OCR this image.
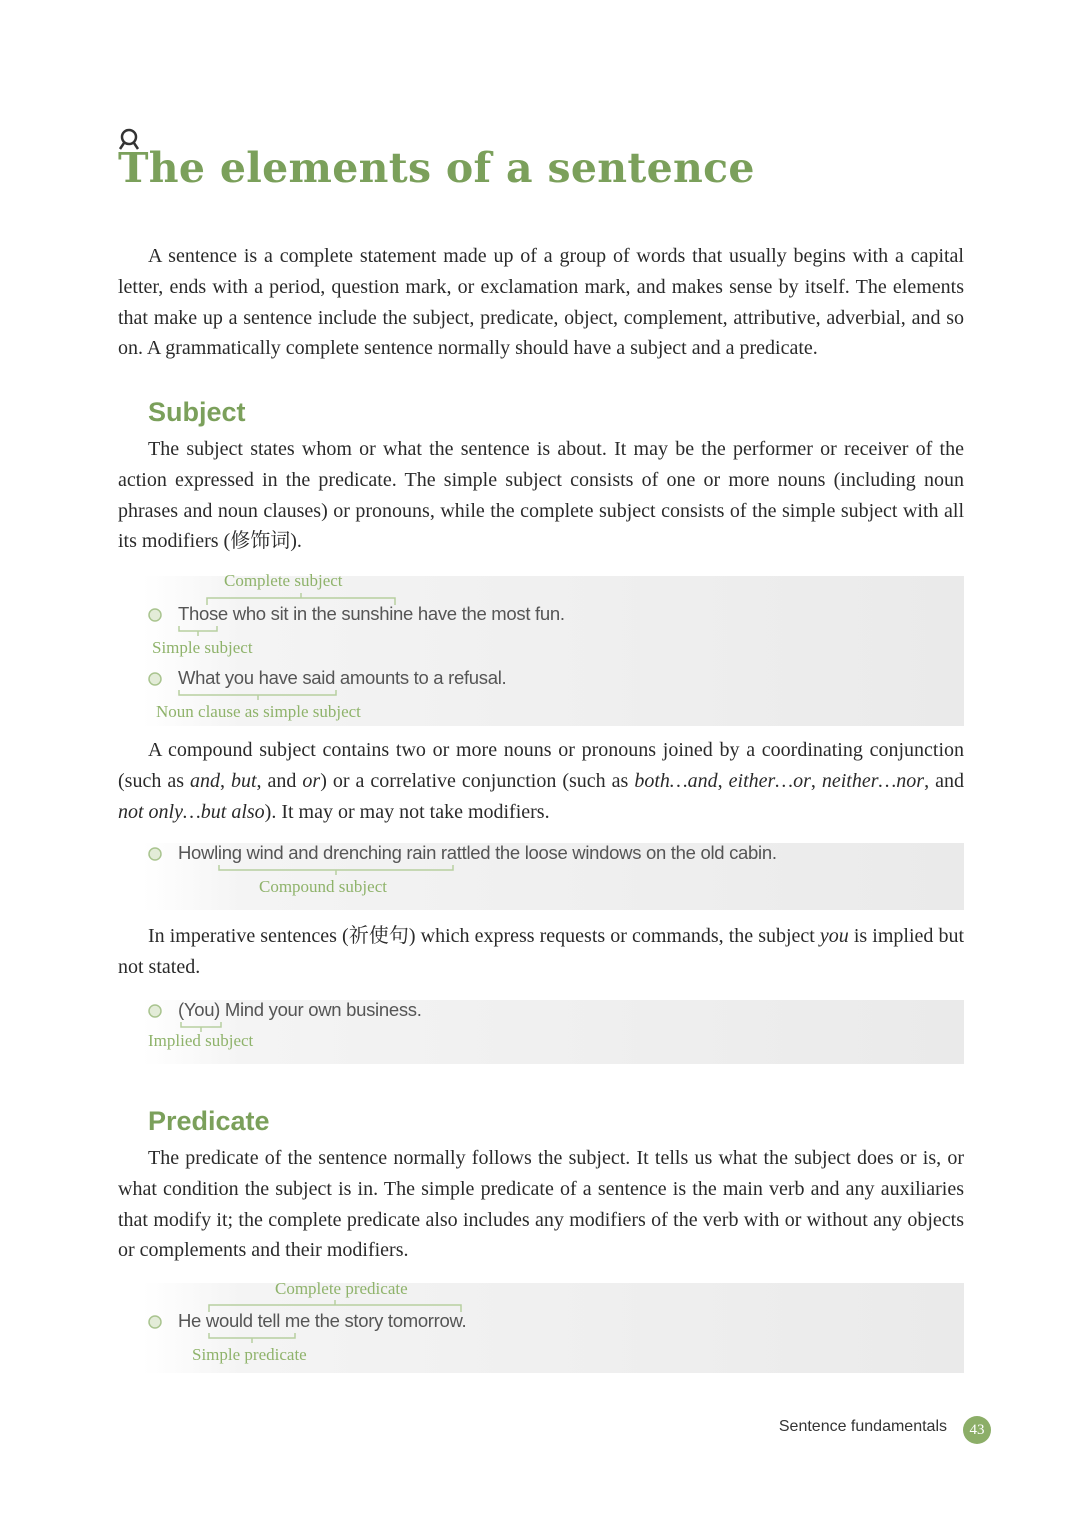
The elements of a sentence

A sentence is a complete statement made up of a group of words that usually begins with a capital letter, ends with a period, question mark, or exclamation mark, and makes sense by itself. The elements that make up a sentence include the subject, predicate, object, complement, attributive, adverbial, and so on. A grammatically complete sentence normally should have a subject and a predicate.

Subject

The subject states whom or what the sentence is about. It may be the performer or receiver of the action expressed in the predicate. The simple subject consists of one or more nouns (including noun phrases and noun clauses) or pronouns, while the complete subject consists of the simple subject with all its modifiers (修饰词).

Complete subject
Those who sit in the sunshine have the most fun.
Simple subject
What you have said amounts to a refusal.
Noun clause as simple subject

A compound subject contains two or more nouns or pronouns joined by a coordinating conjunction (such as and, but, and or) or a correlative conjunction (such as both…and, either…or, neither…nor, and not only…but also). It may or may not take modifiers.

Howling wind and drenching rain rattled the loose windows on the old cabin.
Compound subject

In imperative sentences (祈使句) which express requests or commands, the subject you is implied but not stated.

(You) Mind your own business.
Implied subject
Predicate

The predicate of the sentence normally follows the subject. It tells us what the subject does or is, or what condition the subject is in. The simple predicate of a sentence is the main verb and any auxiliaries that modify it; the complete predicate also includes any modifiers of the verb with or without any objects or complements and their modifiers.

Complete predicate
He would tell me the story tomorrow.
Simple predicate
Sentence fundamentals	43
